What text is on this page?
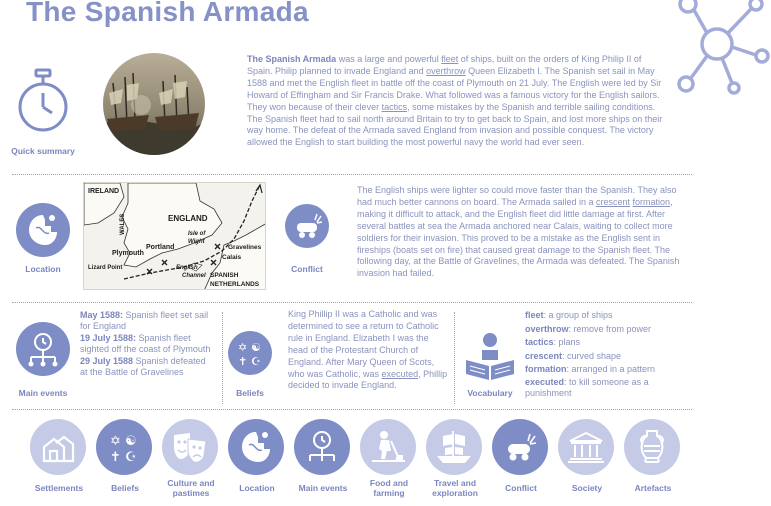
The Spanish Armada
Quick summary
The Spanish Armada was a large and powerful fleet of ships, built on the orders of King Philip II of Spain. Philip planned to invade England and overthrow Queen Elizabeth I. The Spanish set sail in May 1588 and met the English fleet in battle off the coast of Plymouth on 21 July. The English were led by Sir Howard of Effingham and Sir Francis Drake. What followed was a famous victory for the English sailors. They won because of their clever tactics, some mistakes by the Spanish and terrible sailing conditions. The Spanish fleet had to sail north around Britain to try to get back to Spain, and lost more ships on their way home. The defeat of the Armada saved England from invasion and possible conquest. The victory allowed the English to start building the most powerful navy the world had ever seen.
Location
IRELAND
WALES	ENGLAND
Isle of
Wight
Portland
Plymouth
Lizard Point	English
Channel
Gravelines
Calais
SPANISH
NETHERLANDS
Conflict
The English ships were lighter so could move faster than the Spanish. They also had much better cannons on board. The Armada sailed in a crescent formation, making it difficult to attack, and the English fleet did little damage at first. After several battles at sea the Armada anchored near Calais, waiting to collect more soldiers for their invasion. This proved to be a mistake as the English sent in fireships (boats set on fire) that caused great damage to the Spanish fleet. The following day, at the Battle of Gravelines, the Armada was defeated. The Spanish invasion had failed.
Main events
May 1588: Spanish fleet set sail for England
19 July 1588: Spanish fleet sighted off the coast of Plymouth
29 July 1588 Spanish defeated at the Battle of Gravelines
✡ ☯
✝ ☪
Beliefs
King Phillip II was a Catholic and was determined to see a return to Catholic rule in England. Elizabeth I was the head of the Protestant Church of England. After Mary Queen of Scots, who was Catholic, was executed, Phillip decided to invade England.
Vocabulary
fleet: a group of ships
overthrow: remove from power
tactics: plans
crescent: curved shape
formation: arranged in a pattern
executed: to kill someone as a
punishment
Settlements
✡ ☯
✝ ☪
Beliefs	Culture and
pastimes	Location	Main events	Food and
farming
Travel and
exploration	Conflict	Society	Artefacts
